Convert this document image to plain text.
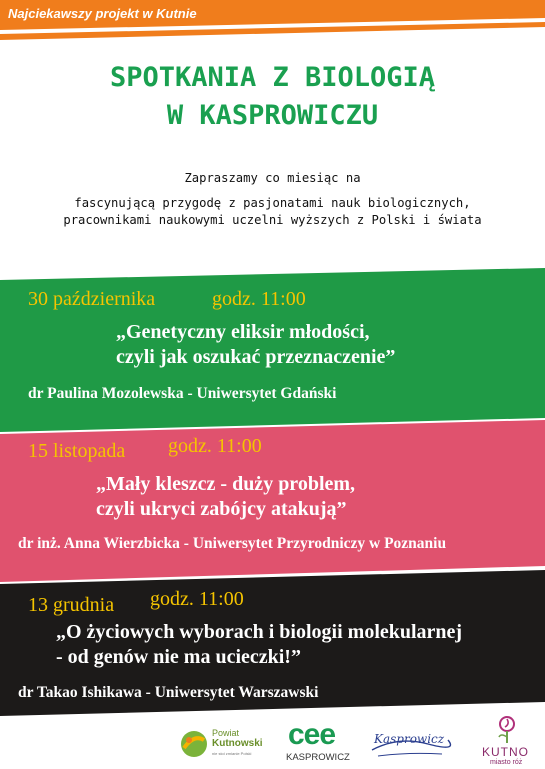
Najciekawszy projekt w Kutnie
SPOTKANIA Z BIOLOGIĄ
W KASPROWICZU
Zapraszamy co miesiąc na
fascynującą przygodę z pasjonatami nauk biologicznych,
pracownikami naukowymi uczelni wyższych z Polski i świata
30 października	godz. 11:00
„Genetyczny eliksir młodości,
czyli jak oszukać przeznaczenie”
dr Paulina Mozolewska - Uniwersytet Gdański
15 listopada godz. 11:00
„Mały kleszcz - duży problem,
czyli ukryci zabójcy atakują”
dr inż. Anna Wierzbicka - Uniwersytet Przyrodniczy w Poznaniu
13 grudnia godz. 11:00
„O życiowych wyborach i biologii molekularnej
- od genów nie ma ucieczki!”
dr Takao Ishikawa - Uniwersytet Warszawski
Powiat
Kutnowski
nie stoi zmianie Polski
cee
KASPROWICZ
Kasprowicz
KUTNO
miasto róż
